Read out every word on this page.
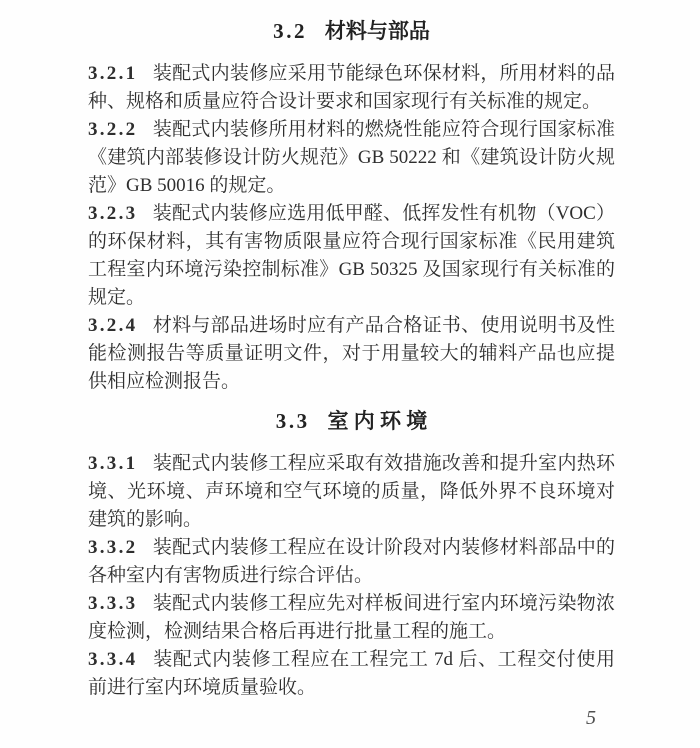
3.2 材料与部品

3.2.1 装配式内装修应采用节能绿色环保材料，所用材料的品种、规格和质量应符合设计要求和国家现行有关标准的规定。

3.2.2 装配式内装修所用材料的燃烧性能应符合现行国家标准《建筑内部装修设计防火规范》GB 50222 和《建筑设计防火规范》GB 50016 的规定。

3.2.3 装配式内装修应选用低甲醛、低挥发性有机物（VOC）的环保材料，其有害物质限量应符合现行国家标准《民用建筑工程室内环境污染控制标准》GB 50325 及国家现行有关标准的规定。

3.2.4 材料与部品进场时应有产品合格证书、使用说明书及性能检测报告等质量证明文件，对于用量较大的辅料产品也应提供相应检测报告。

3.3 室 内 环 境

3.3.1 装配式内装修工程应采取有效措施改善和提升室内热环境、光环境、声环境和空气环境的质量，降低外界不良环境对建筑的影响。

3.3.2 装配式内装修工程应在设计阶段对内装修材料部品中的各种室内有害物质进行综合评估。

3.3.3 装配式内装修工程应先对样板间进行室内环境污染物浓度检测，检测结果合格后再进行批量工程的施工。

3.3.4 装配式内装修工程应在工程完工 7d 后、工程交付使用前进行室内环境质量验收。

5
